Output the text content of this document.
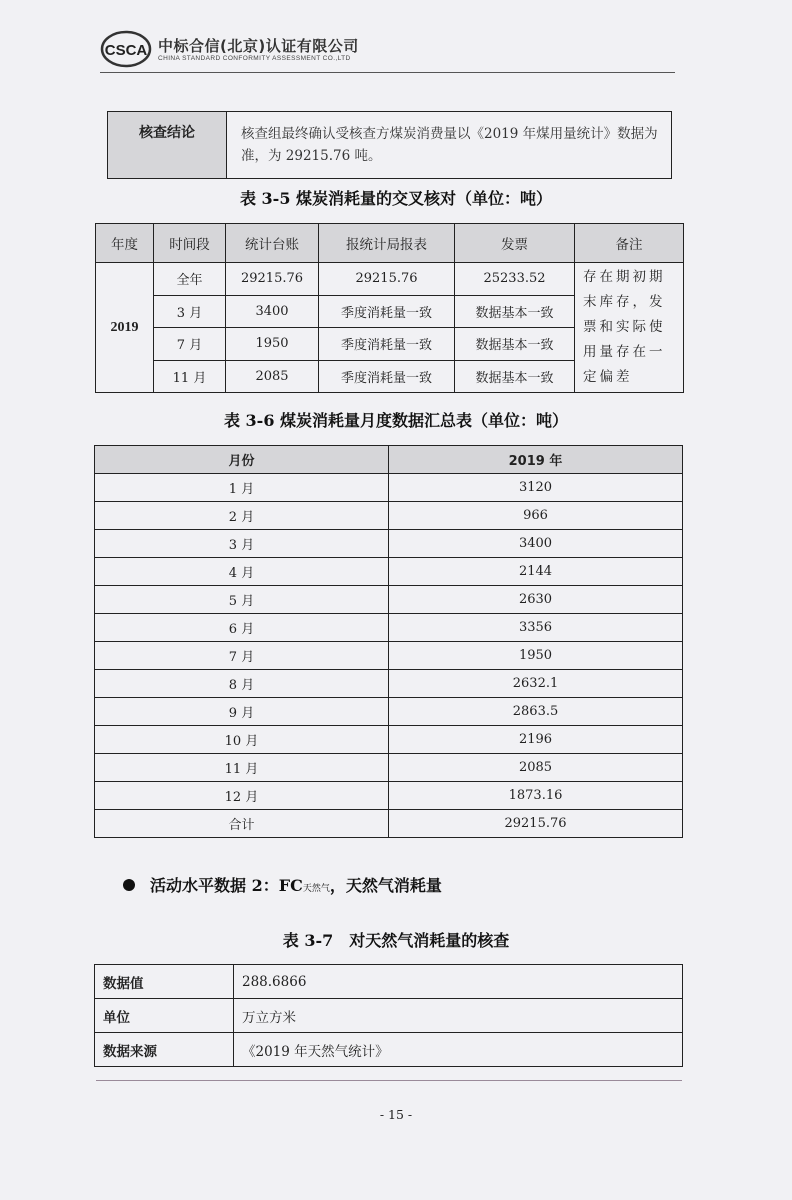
CSCA 中标合信(北京)认证有限公司
CHINA STANDARD CONFORMITY ASSESSMENT CO.,LTD
核查结论	核查组最终确认受核查方煤炭消费量以《2019 年煤用量统计》数据为准，为 29215.76 吨。
表 3-5 煤炭消耗量的交叉核对（单位：吨）
年度	时间段	统计台账	报统计局报表	发票	备注
2019	全年	29215.76	29215.76	25233.52	存在期初期末库存，发票和实际使用量存在一定偏差
	3 月	3400	季度消耗量一致	数据基本一致	
	7 月	1950	季度消耗量一致	数据基本一致	
	11 月	2085	季度消耗量一致	数据基本一致	
表 3-6 煤炭消耗量月度数据汇总表（单位：吨）
月份	2019 年
1 月	3120
2 月	966
3 月	3400
4 月	2144
5 月	2630
6 月	3356
7 月	1950
8 月	2632.1
9 月	2863.5
10 月	2196
11 月	2085
12 月	1873.16
合计	29215.76
活动水平数据 2：FC天然气，天然气消耗量
表 3-7　对天然气消耗量的核查
数据值	288.6866
单位	万立方米
数据来源	《2019 年天然气统计》
- 15 -
